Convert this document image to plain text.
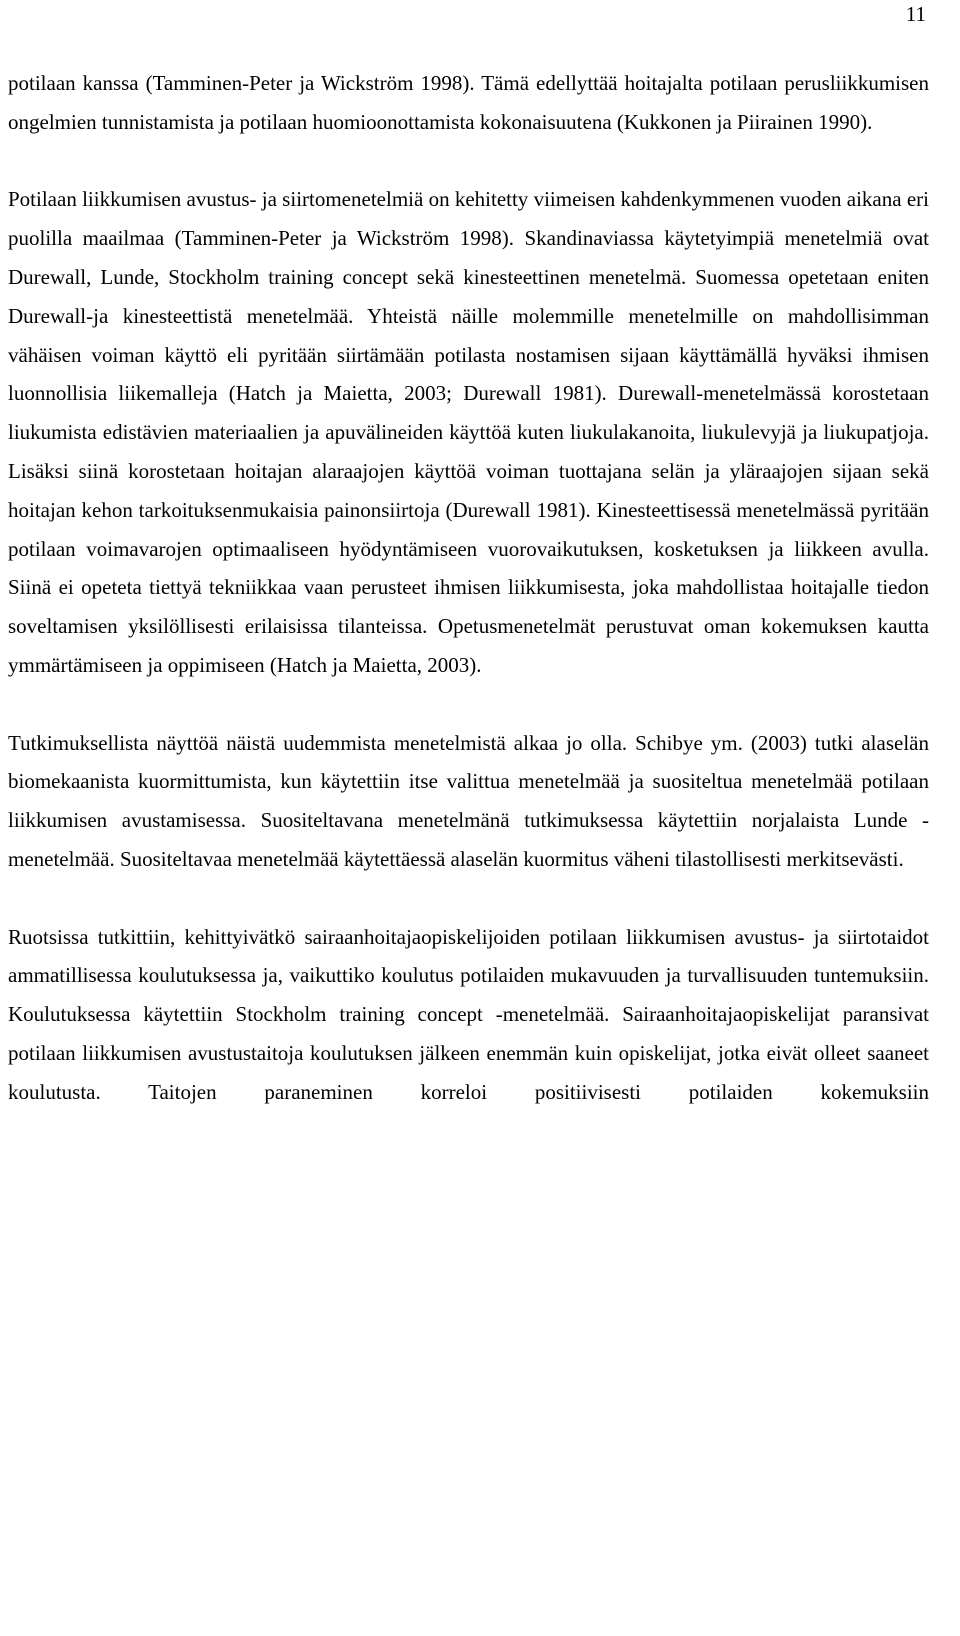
11

potilaan kanssa (Tamminen-Peter ja Wickström 1998). Tämä edellyttää hoitajalta potilaan perusliikkumisen ongelmien tunnistamista ja potilaan huomioonottamista kokonaisuutena (Kukkonen ja Piirainen 1990).

Potilaan liikkumisen avustus- ja siirtomenetelmiä on kehitetty viimeisen kahdenkymmenen vuoden aikana eri puolilla maailmaa (Tamminen-Peter ja Wickström 1998). Skandinaviassa käytetyimpiä menetelmiä ovat Durewall, Lunde, Stockholm training concept sekä kinesteettinen menetelmä. Suomessa opetetaan eniten Durewall-ja kinesteettistä menetelmää. Yhteistä näille molemmille menetelmille on mahdollisimman vähäisen voiman käyttö eli pyritään siirtämään potilasta nostamisen sijaan käyttämällä hyväksi ihmisen luonnollisia liikemalleja (Hatch ja Maietta, 2003; Durewall 1981). Durewall-menetelmässä korostetaan liukumista edistävien materiaalien ja apuvälineiden käyttöä kuten liukulakanoita, liukulevyjä ja liukupatjoja. Lisäksi siinä korostetaan hoitajan alaraajojen käyttöä voiman tuottajana selän ja yläraajojen sijaan sekä hoitajan kehon tarkoituksenmukaisia painonsiirtoja (Durewall 1981). Kinesteettisessä menetelmässä pyritään potilaan voimavarojen optimaaliseen hyödyntämiseen vuorovaikutuksen, kosketuksen ja liikkeen avulla. Siinä ei opeteta tiettyä tekniikkaa vaan perusteet ihmisen liikkumisesta, joka mahdollistaa hoitajalle tiedon soveltamisen yksilöllisesti erilaisissa tilanteissa. Opetusmenetelmät perustuvat oman kokemuksen kautta ymmärtämiseen ja oppimiseen (Hatch ja Maietta, 2003).

Tutkimuksellista näyttöä näistä uudemmista menetelmistä alkaa jo olla. Schibye ym. (2003) tutki alaselän biomekaanista kuormittumista, kun käytettiin itse valittua menetelmää ja suositeltua menetelmää potilaan liikkumisen avustamisessa. Suositeltavana menetelmänä tutkimuksessa käytettiin norjalaista Lunde -menetelmää. Suositeltavaa menetelmää käytettäessä alaselän kuormitus väheni tilastollisesti merkitsevästi.

Ruotsissa tutkittiin, kehittyivätkö sairaanhoitajaopiskelijoiden potilaan liikkumisen avustus- ja siirtotaidot ammatillisessa koulutuksessa ja, vaikuttiko koulutus potilaiden mukavuuden ja turvallisuuden tuntemuksiin. Koulutuksessa käytettiin Stockholm training concept -menetelmää. Sairaanhoitajaopiskelijat paransivat potilaan liikkumisen avustustaitoja koulutuksen jälkeen enemmän kuin opiskelijat, jotka eivät olleet saaneet koulutusta. Taitojen paraneminen korreloi positiivisesti potilaiden kokemuksiin
